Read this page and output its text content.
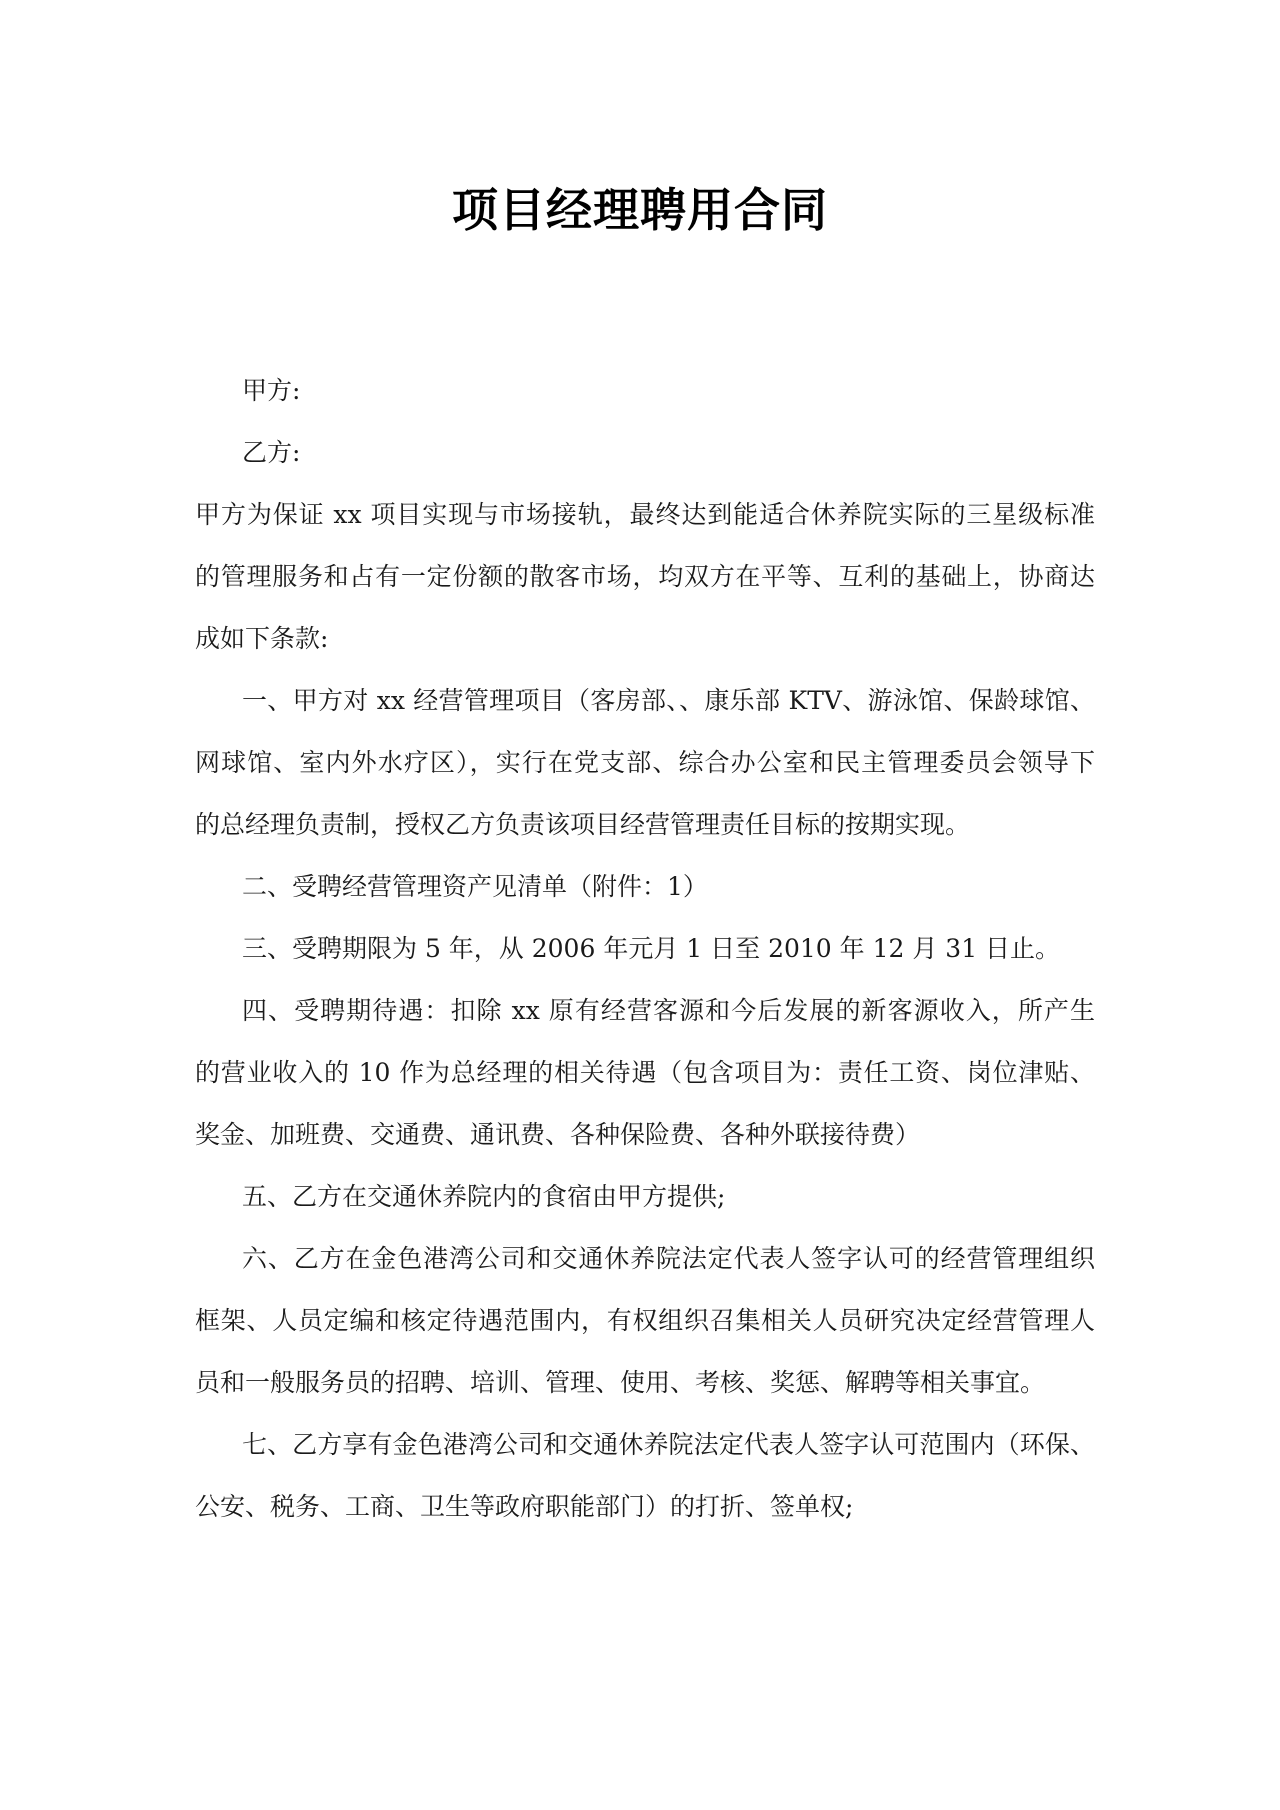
项目经理聘用合同
甲方:
乙方:
甲方为保证 xx 项目实现与市场接轨，最终达到能适合休养院实际的三星级标准
的管理服务和占有一定份额的散客市场，均双方在平等、互利的基础上，协商达
成如下条款:
一、甲方对 xx 经营管理项目（客房部、、康乐部 KTV、游泳馆、保龄球馆、
网球馆、室内外水疗区），实行在党支部、综合办公室和民主管理委员会领导下
的总经理负责制，授权乙方负责该项目经营管理责任目标的按期实现。
二、受聘经营管理资产见清单（附件：1）
三、受聘期限为 5 年，从 2006 年元月 1 日至 2010 年 12 月 31 日止。
四、受聘期待遇：扣除 xx 原有经营客源和今后发展的新客源收入，所产生
的营业收入的 10 作为总经理的相关待遇（包含项目为：责任工资、岗位津贴、
奖金、加班费、交通费、通讯费、各种保险费、各种外联接待费）
五、乙方在交通休养院内的食宿由甲方提供;
六、乙方在金色港湾公司和交通休养院法定代表人签字认可的经营管理组织
框架、人员定编和核定待遇范围内，有权组织召集相关人员研究决定经营管理人
员和一般服务员的招聘、培训、管理、使用、考核、奖惩、解聘等相关事宜。
七、乙方享有金色港湾公司和交通休养院法定代表人签字认可范围内（环保、
公安、税务、工商、卫生等政府职能部门）的打折、签单权;
